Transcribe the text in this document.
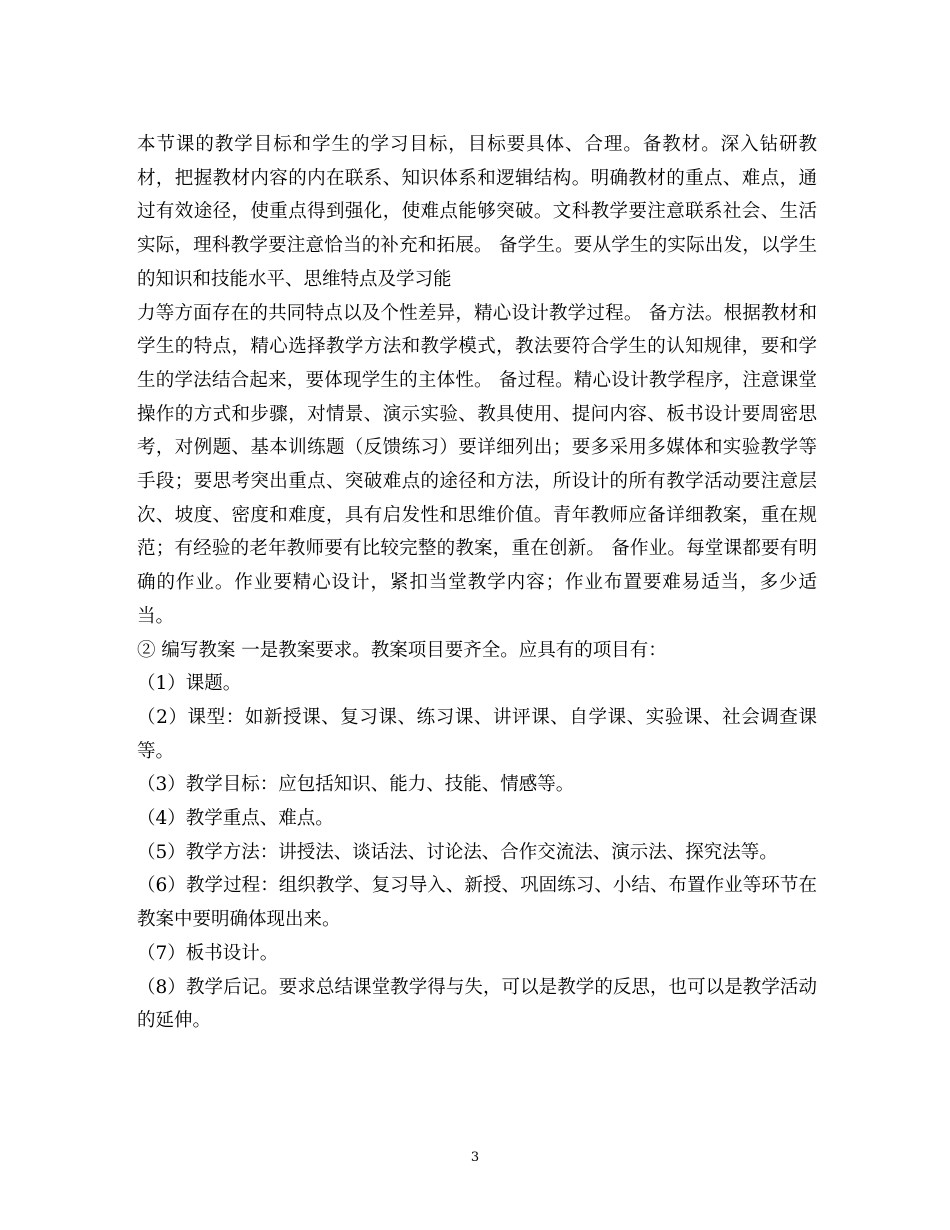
本节课的教学目标和学生的学习目标，目标要具体、合理。备教材。深入钻研教材，把握教材内容的内在联系、知识体系和逻辑结构。明确教材的重点、难点，通过有效途径，使重点得到强化，使难点能够突破。文科教学要注意联系社会、生活实际，理科教学要注意恰当的补充和拓展。 备学生。要从学生的实际出发，以学生的知识和技能水平、思维特点及学习能

力等方面存在的共同特点以及个性差异，精心设计教学过程。 备方法。根据教材和学生的特点，精心选择教学方法和教学模式，教法要符合学生的认知规律，要和学生的学法结合起来，要体现学生的主体性。 备过程。精心设计教学程序，注意课堂操作的方式和步骤，对情景、演示实验、教具使用、提问内容、板书设计要周密思考，对例题、基本训练题（反馈练习）要详细列出；要多采用多媒体和实验教学等手段；要思考突出重点、突破难点的途径和方法，所设计的所有教学活动要注意层次、坡度、密度和难度，具有启发性和思维价值。青年教师应备详细教案，重在规范；有经验的老年教师要有比较完整的教案，重在创新。 备作业。每堂课都要有明确的作业。作业要精心设计，紧扣当堂教学内容；作业布置要难易适当，多少适当。

② 编写教案 一是教案要求。教案项目要齐全。应具有的项目有：

（1）课题。

（2）课型：如新授课、复习课、练习课、讲评课、自学课、实验课、社会调查课等。

（3）教学目标：应包括知识、能力、技能、情感等。

（4）教学重点、难点。

（5）教学方法：讲授法、谈话法、讨论法、合作交流法、演示法、探究法等。

（6）教学过程：组织教学、复习导入、新授、巩固练习、小结、布置作业等环节在教案中要明确体现出来。

（7）板书设计。

（8）教学后记。要求总结课堂教学得与失，可以是教学的反思，也可以是教学活动的延伸。

3
